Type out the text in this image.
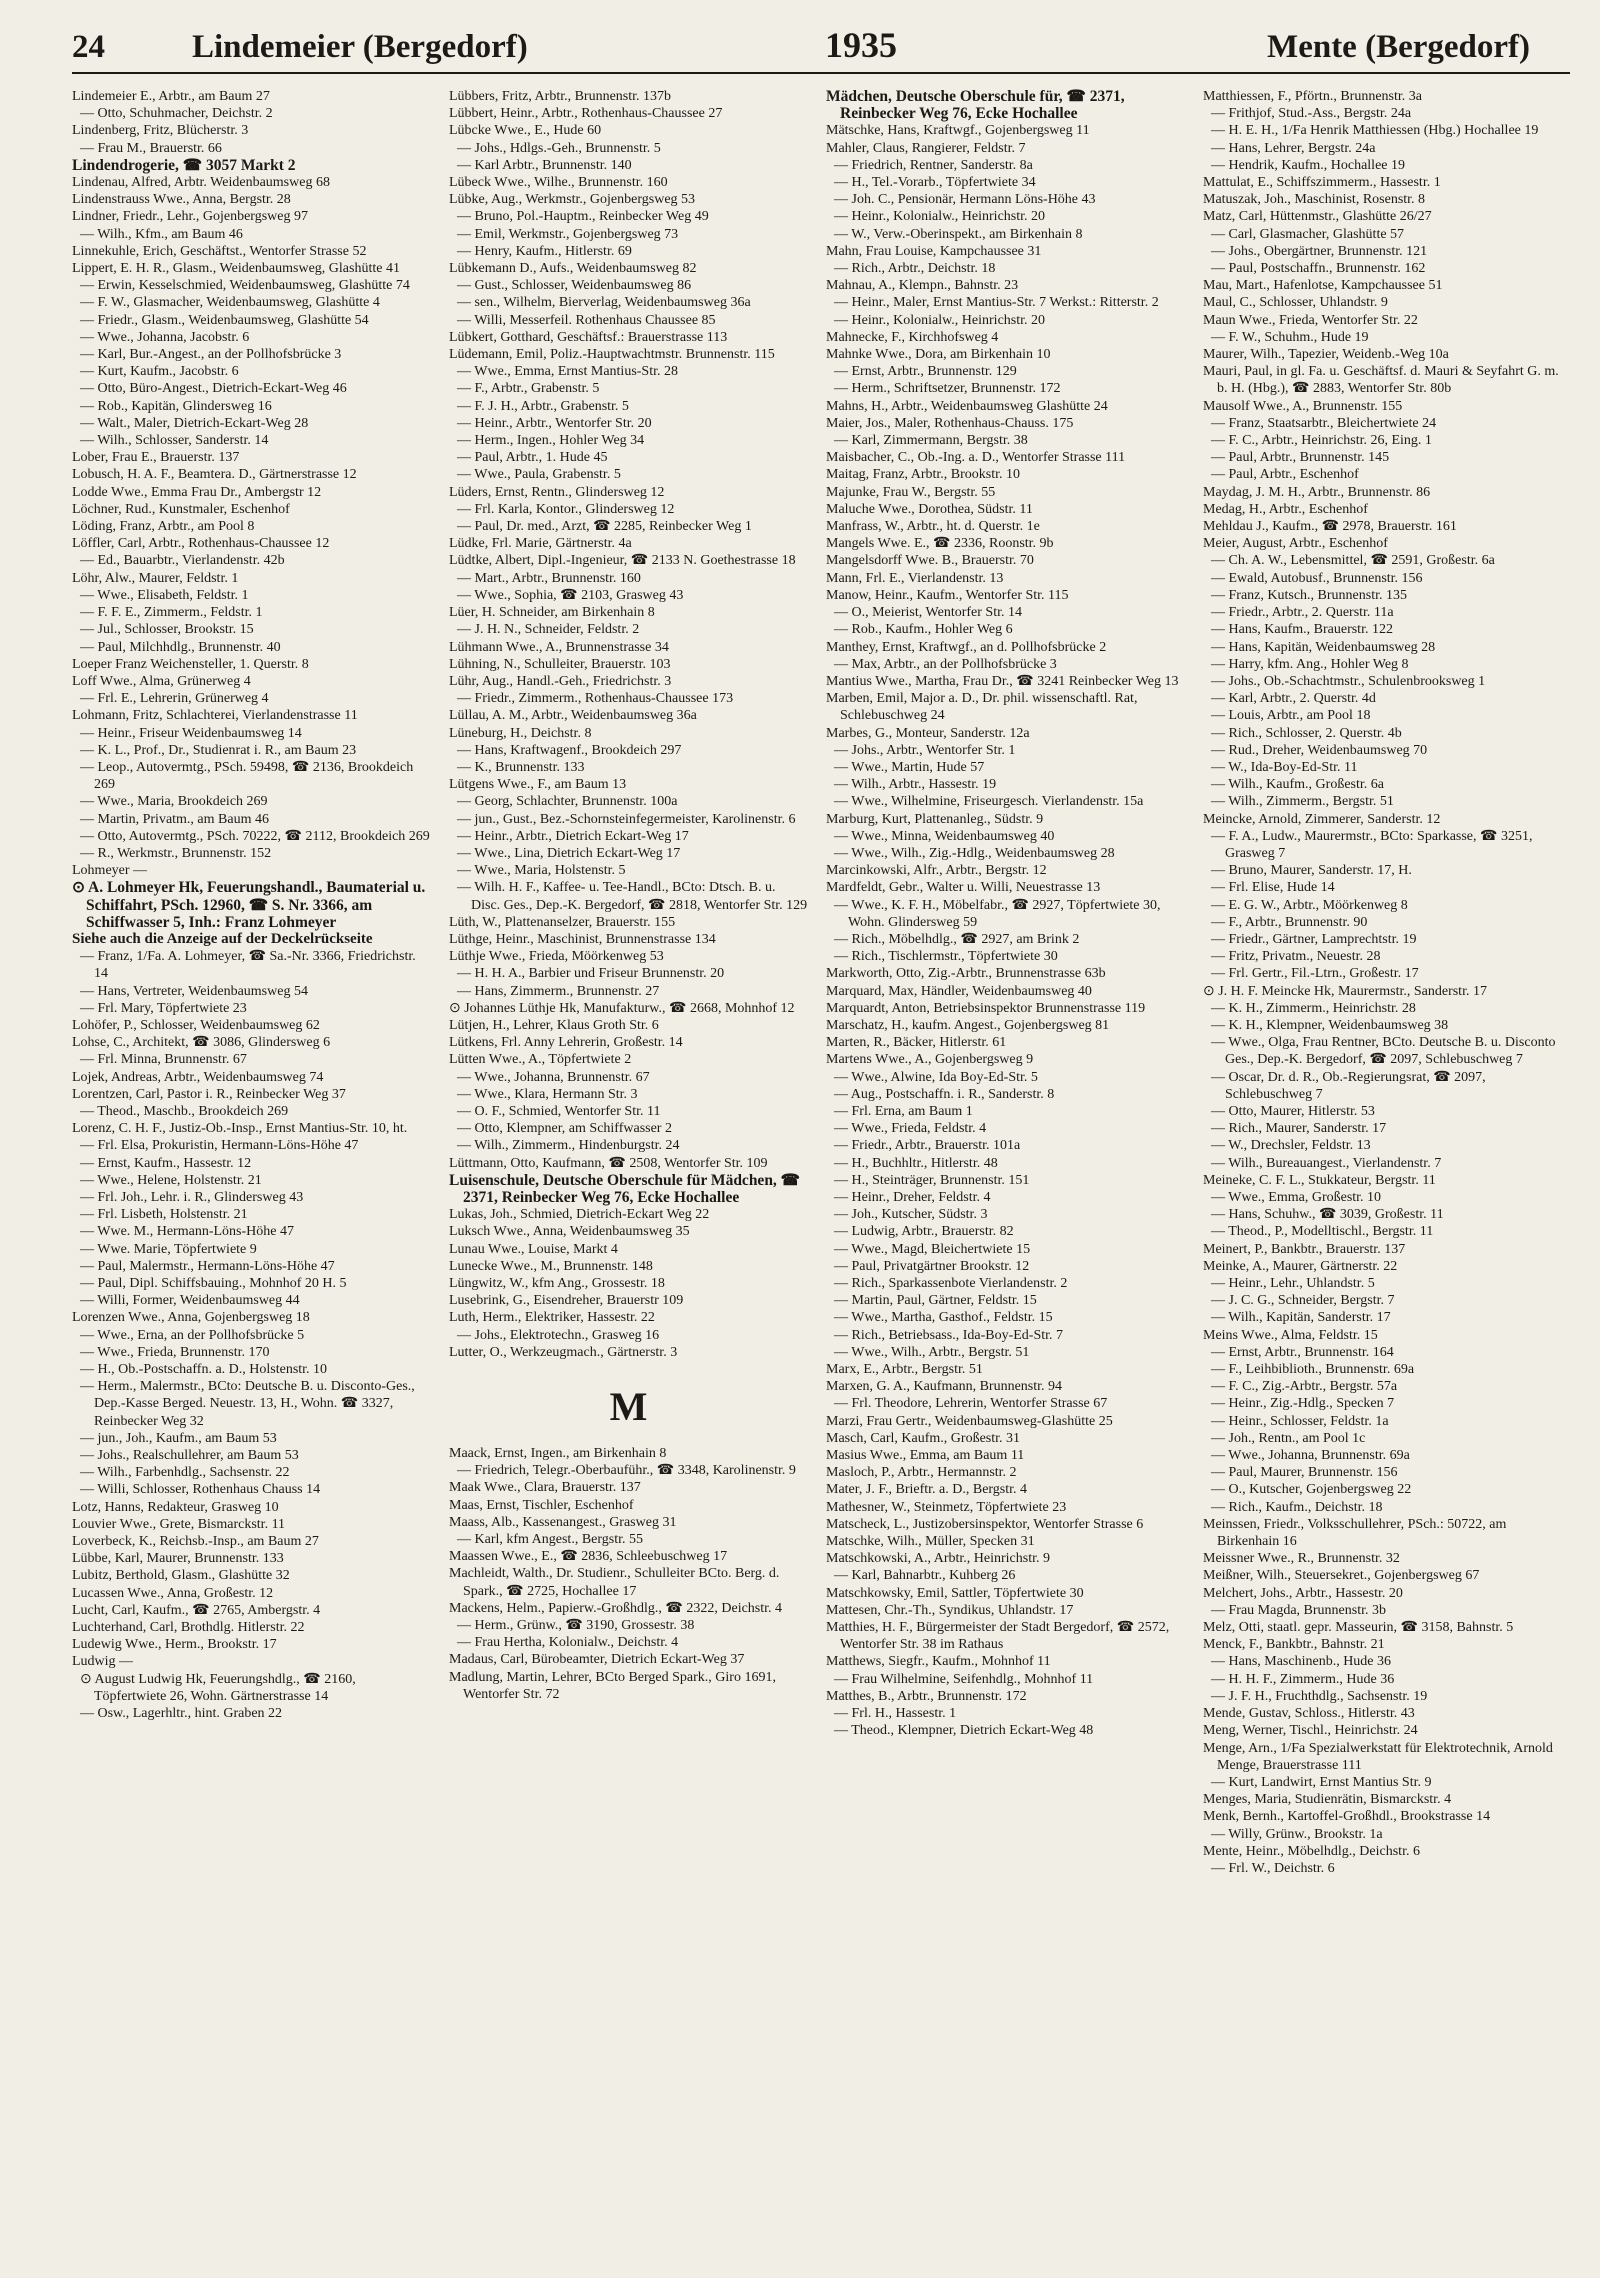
24	Lindemeier (Bergedorf)	1935	Mente (Bergedorf)
Lindemeier E., Arbtr., am Baum 27
— Otto, Schuhmacher, Deichstr. 2
Lindenberg, Fritz, Blücherstr. 3
— Frau M., Brauerstr. 66
Lindendrogerie, ☎ 3057 Markt 2
Lindenau, Alfred, Arbtr. Weidenbaumsweg 68
Lindenstrauss Wwe., Anna, Bergstr. 28
Lindner, Friedr., Lehr., Gojenbergsweg 97
— Wilh., Kfm., am Baum 46
Linnekuhle, Erich, Geschäftst., Wentorfer Strasse 52
Lippert, E. H. R., Glasm., Weidenbaumsweg, Glashütte 41
— Erwin, Kesselschmied, Weidenbaumsweg, Glashütte 74
— F. W., Glasmacher, Weidenbaumsweg, Glashütte 4
— Friedr., Glasm., Weidenbaumsweg, Glashütte 54
— Wwe., Johanna, Jacobstr. 6
— Karl, Bur.-Angest., an der Pollhofsbrücke 3
— Kurt, Kaufm., Jacobstr. 6
— Otto, Büro-Angest., Dietrich-Eckart-Weg 46
— Rob., Kapitän, Glindersweg 16
— Walt., Maler, Dietrich-Eckart-Weg 28
— Wilh., Schlosser, Sanderstr. 14
Lober, Frau E., Brauerstr. 137
Lobusch, H. A. F., Beamtera. D., Gärtnerstrasse 12
Lodde Wwe., Emma Frau Dr., Ambergstr 12
Löchner, Rud., Kunstmaler, Eschenhof
Löding, Franz, Arbtr., am Pool 8
Löffler, Carl, Arbtr., Rothenhaus-Chaussee 12
— Ed., Bauarbtr., Vierlandenstr. 42b
Löhr, Alw., Maurer, Feldstr. 1
— Wwe., Elisabeth, Feldstr. 1
— F. F. E., Zimmerm., Feldstr. 1
— Jul., Schlosser, Brookstr. 15
— Paul, Milchhdlg., Brunnenstr. 40
Loeper Franz Weichensteller, 1. Querstr. 8
Loff Wwe., Alma, Grünerweg 4
— Frl. E., Lehrerin, Grünerweg 4
Lohmann, Fritz, Schlachterei, Vierlandenstrasse 11
— Heinr., Friseur Weidenbaumsweg 14
— K. L., Prof., Dr., Studienrat i. R., am Baum 23
— Leop., Autovermtg., PSch. 59498, ☎ 2136, Brookdeich 269
— Wwe., Maria, Brookdeich 269
— Martin, Privatm., am Baum 46
— Otto, Autovermtg., PSch. 70222, ☎ 2112, Brookdeich 269
— R., Werkmstr., Brunnenstr. 152
Lohmeyer —
⊙ A. Lohmeyer Hk, Feuerungshandl., Baumaterial u. Schiffahrt, PSch. 12960, ☎ S. Nr. 3366, am Schiffwasser 5, Inh.: Franz Lohmeyer
Siehe auch die Anzeige auf der Deckelrückseite
— Franz, 1/Fa. A. Lohmeyer, ☎ Sa.-Nr. 3366, Friedrichstr. 14
— Hans, Vertreter, Weidenbaumsweg 54
— Frl. Mary, Töpfertwiete 23
Lohöfer, P., Schlosser, Weidenbaumsweg 62
Lohse, C., Architekt, ☎ 3086, Glindersweg 6
— Frl. Minna, Brunnenstr. 67
Lojek, Andreas, Arbtr., Weidenbaumsweg 74
Lorentzen, Carl, Pastor i. R., Reinbecker Weg 37
— Theod., Maschb., Brookdeich 269
Lorenz, C. H. F., Justiz-Ob.-Insp., Ernst Mantius-Str. 10, ht.
— Frl. Elsa, Prokuristin, Hermann-Löns-Höhe 47
— Ernst, Kaufm., Hassestr. 12
— Wwe., Helene, Holstenstr. 21
— Frl. Joh., Lehr. i. R., Glindersweg 43
— Frl. Lisbeth, Holstenstr. 21
— Wwe. M., Hermann-Löns-Höhe 47
— Wwe. Marie, Töpfertwiete 9
— Paul, Malermstr., Hermann-Löns-Höhe 47
— Paul, Dipl. Schiffsbauing., Mohnhof 20 H. 5
— Willi, Former, Weidenbaumsweg 44
Lorenzen Wwe., Anna, Gojenbergsweg 18
— Wwe., Erna, an der Pollhofsbrücke 5
— Wwe., Frieda, Brunnenstr. 170
— H., Ob.-Postschaffn. a. D., Holstenstr. 10
— Herm., Malermstr., BCto: Deutsche B. u. Disconto-Ges., Dep.-Kasse Berged. Neuestr. 13, H., Wohn. ☎ 3327, Reinbecker Weg 32
— jun., Joh., Kaufm., am Baum 53
— Johs., Realschullehrer, am Baum 53
— Wilh., Farbenhdlg., Sachsenstr. 22
— Willi, Schlosser, Rothenhaus Chauss 14
Lotz, Hanns, Redakteur, Grasweg 10
Louvier Wwe., Grete, Bismarckstr. 11
Loverbeck, K., Reichsb.-Insp., am Baum 27
Lübbe, Karl, Maurer, Brunnenstr. 133
Lubitz, Berthold, Glasm., Glashütte 32
Lucassen Wwe., Anna, Großestr. 12
Lucht, Carl, Kaufm., ☎ 2765, Ambergstr. 4
Luchterhand, Carl, Brothdlg. Hitlerstr. 22
Ludewig Wwe., Herm., Brookstr. 17
Ludwig —
⊙ August Ludwig Hk, Feuerungshdlg., ☎ 2160, Töpfertwiete 26, Wohn. Gärtnerstrasse 14
— Osw., Lagerhltr., hint. Graben 22
Lübbers, Fritz, Arbtr., Brunnenstr. 137b
Lübbert, Heinr., Arbtr., Rothenhaus-Chaussee 27
Lübcke Wwe., E., Hude 60
— Johs., Hdlgs.-Geh., Brunnenstr. 5
— Karl Arbtr., Brunnenstr. 140
Lübeck Wwe., Wilhe., Brunnenstr. 160
Lübke, Aug., Werkmstr., Gojenbergsweg 53
— Bruno, Pol.-Hauptm., Reinbecker Weg 49
— Emil, Werkmstr., Gojenbergsweg 73
— Henry, Kaufm., Hitlerstr. 69
Lübkemann D., Aufs., Weidenbaumsweg 82
— Gust., Schlosser, Weidenbaumsweg 86
— sen., Wilhelm, Bierverlag, Weidenbaumsweg 36a
— Willi, Messerfeil. Rothenhaus Chaussee 85
Lübkert, Gotthard, Geschäftsf.: Brauerstrasse 113
Lüdemann, Emil, Poliz.-Hauptwachtmstr. Brunnenstr. 115
— Wwe., Emma, Ernst Mantius-Str. 28
— F., Arbtr., Grabenstr. 5
— F. J. H., Arbtr., Grabenstr. 5
— Heinr., Arbtr., Wentorfer Str. 20
— Herm., Ingen., Hohler Weg 34
— Paul, Arbtr., 1. Hude 45
— Wwe., Paula, Grabenstr. 5
Lüders, Ernst, Rentn., Glindersweg 12
— Frl. Karla, Kontor., Glindersweg 12
— Paul, Dr. med., Arzt, ☎ 2285, Reinbecker Weg 1
Lüdke, Frl. Marie, Gärtnerstr. 4a
Lüdtke, Albert, Dipl.-Ingenieur, ☎ 2133 N. Goethestrasse 18
— Mart., Arbtr., Brunnenstr. 160
— Wwe., Sophia, ☎ 2103, Grasweg 43
Lüer, H. Schneider, am Birkenhain 8
— J. H. N., Schneider, Feldstr. 2
Lühmann Wwe., A., Brunnenstrasse 34
Lühning, N., Schulleiter, Brauerstr. 103
Lühr, Aug., Handl.-Geh., Friedrichstr. 3
— Friedr., Zimmerm., Rothenhaus-Chaussee 173
Lüllau, A. M., Arbtr., Weidenbaumsweg 36a
Lüneburg, H., Deichstr. 8
— Hans, Kraftwagenf., Brookdeich 297
— K., Brunnenstr. 133
Lütgens Wwe., F., am Baum 13
— Georg, Schlachter, Brunnenstr. 100a
— jun., Gust., Bez.-Schornsteinfegermeister, Karolinenstr. 6
— Heinr., Arbtr., Dietrich Eckart-Weg 17
— Wwe., Lina, Dietrich Eckart-Weg 17
— Wwe., Maria, Holstenstr. 5
— Wilh. H. F., Kaffee- u. Tee-Handl., BCto: Dtsch. B. u. Disc. Ges., Dep.-K. Bergedorf, ☎ 2818, Wentorfer Str. 129
Lüth, W., Plattenanselzer, Brauerstr. 155
Lüthge, Heinr., Maschinist, Brunnenstrasse 134
Lüthje Wwe., Frieda, Möörkenweg 53
— H. H. A., Barbier und Friseur Brunnenstr. 20
— Hans, Zimmerm., Brunnenstr. 27
⊙ Johannes Lüthje Hk, Manufakturw., ☎ 2668, Mohnhof 12
Lütjen, H., Lehrer, Klaus Groth Str. 6
Lütkens, Frl. Anny Lehrerin, Großestr. 14
Lütten Wwe., A., Töpfertwiete 2
— Wwe., Johanna, Brunnenstr. 67
— Wwe., Klara, Hermann Str. 3
— O. F., Schmied, Wentorfer Str. 11
— Otto, Klempner, am Schiffwasser 2
— Wilh., Zimmerm., Hindenburgstr. 24
Lüttmann, Otto, Kaufmann, ☎ 2508, Wentorfer Str. 109
Luisenschule, Deutsche Oberschule für Mädchen, ☎ 2371, Reinbecker Weg 76, Ecke Hochallee
Lukas, Joh., Schmied, Dietrich-Eckart Weg 22
Luksch Wwe., Anna, Weidenbaumsweg 35
Lunau Wwe., Louise, Markt 4
Lunecke Wwe., M., Brunnenstr. 148
Lüngwitz, W., kfm Ang., Grossestr. 18
Lusebrink, G., Eisendreher, Brauerstr 109
Luth, Herm., Elektriker, Hassestr. 22
— Johs., Elektrotechn., Grasweg 16
Lutter, O., Werkzeugmach., Gärtnerstr. 3
M
Maack, Ernst, Ingen., am Birkenhain 8
— Friedrich, Telegr.-Oberbauführ., ☎ 3348, Karolinenstr. 9
Maak Wwe., Clara, Brauerstr. 137
Maas, Ernst, Tischler, Eschenhof
Maass, Alb., Kassenangest., Grasweg 31
— Karl, kfm Angest., Bergstr. 55
Maassen Wwe., E., ☎ 2836, Schleebuschweg 17
Machleidt, Walth., Dr. Studienr., Schulleiter BCto. Berg. d. Spark., ☎ 2725, Hochallee 17
Mackens, Helm., Papierw.-Großhdlg., ☎ 2322, Deichstr. 4
— Herm., Grünw., ☎ 3190, Grossestr. 38
— Frau Hertha, Kolonialw., Deichstr. 4
Madaus, Carl, Bürobeamter, Dietrich Eckart-Weg 37
Madlung, Martin, Lehrer, BCto Berged Spark., Giro 1691, Wentorfer Str. 72
Mädchen, Deutsche Oberschule für, ☎ 2371, Reinbecker Weg 76, Ecke Hochallee
Mätschke, Hans, Kraftwgf., Gojenbergsweg 11
Mahler, Claus, Rangierer, Feldstr. 7
— Friedrich, Rentner, Sanderstr. 8a
— H., Tel.-Vorarb., Töpfertwiete 34
— Joh. C., Pensionär, Hermann Löns-Höhe 43
— Heinr., Kolonialw., Heinrichstr. 20
— W., Verw.-Oberinspekt., am Birkenhain 8
Mahn, Frau Louise, Kampchaussee 31
— Rich., Arbtr., Deichstr. 18
Mahnau, A., Klempn., Bahnstr. 23
— Heinr., Maler, Ernst Mantius-Str. 7 Werkst.: Ritterstr. 2
— Heinr., Kolonialw., Heinrichstr. 20
Mahnecke, F., Kirchhofsweg 4
Mahnke Wwe., Dora, am Birkenhain 10
— Ernst, Arbtr., Brunnenstr. 129
— Herm., Schriftsetzer, Brunnenstr. 172
Mahns, H., Arbtr., Weidenbaumsweg Glashütte 24
Maier, Jos., Maler, Rothenhaus-Chauss. 175
— Karl, Zimmermann, Bergstr. 38
Maisbacher, C., Ob.-Ing. a. D., Wentorfer Strasse 111
Maitag, Franz, Arbtr., Brookstr. 10
Majunke, Frau W., Bergstr. 55
Maluche Wwe., Dorothea, Südstr. 11
Manfrass, W., Arbtr., ht. d. Querstr. 1e
Mangels Wwe. E., ☎ 2336, Roonstr. 9b
Mangelsdorff Wwe. B., Brauerstr. 70
Mann, Frl. E., Vierlandenstr. 13
Manow, Heinr., Kaufm., Wentorfer Str. 115
— O., Meierist, Wentorfer Str. 14
— Rob., Kaufm., Hohler Weg 6
Manthey, Ernst, Kraftwgf., an d. Pollhofsbrücke 2
— Max, Arbtr., an der Pollhofsbrücke 3
Mantius Wwe., Martha, Frau Dr., ☎ 3241 Reinbecker Weg 13
Marben, Emil, Major a. D., Dr. phil. wissenschaftl. Rat, Schlebuschweg 24
Marbes, G., Monteur, Sanderstr. 12a
— Johs., Arbtr., Wentorfer Str. 1
— Wwe., Martin, Hude 57
— Wilh., Arbtr., Hassestr. 19
— Wwe., Wilhelmine, Friseurgesch. Vierlandenstr. 15a
Marburg, Kurt, Plattenanleg., Südstr. 9
— Wwe., Minna, Weidenbaumsweg 40
— Wwe., Wilh., Zig.-Hdlg., Weidenbaumsweg 28
Marcinkowski, Alfr., Arbtr., Bergstr. 12
Mardfeldt, Gebr., Walter u. Willi, Neuestrasse 13
— Wwe., K. F. H., Möbelfabr., ☎ 2927, Töpfertwiete 30, Wohn. Glindersweg 59
— Rich., Möbelhdlg., ☎ 2927, am Brink 2
— Rich., Tischlermstr., Töpfertwiete 30
Markworth, Otto, Zig.-Arbtr., Brunnenstrasse 63b
Marquard, Max, Händler, Weidenbaumsweg 40
Marquardt, Anton, Betriebsinspektor Brunnenstrasse 119
Marschatz, H., kaufm. Angest., Gojenbergsweg 81
Marten, R., Bäcker, Hitlerstr. 61
Martens Wwe., A., Gojenbergsweg 9
— Wwe., Alwine, Ida Boy-Ed-Str. 5
— Aug., Postschaffn. i. R., Sanderstr. 8
— Frl. Erna, am Baum 1
— Wwe., Frieda, Feldstr. 4
— Friedr., Arbtr., Brauerstr. 101a
— H., Buchhltr., Hitlerstr. 48
— H., Steinträger, Brunnenstr. 151
— Heinr., Dreher, Feldstr. 4
— Joh., Kutscher, Südstr. 3
— Ludwig, Arbtr., Brauerstr. 82
— Wwe., Magd, Bleichertwiete 15
— Paul, Privatgärtner Brookstr. 12
— Rich., Sparkassenbote Vierlandenstr. 2
— Martin, Paul, Gärtner, Feldstr. 15
— Wwe., Martha, Gasthof., Feldstr. 15
— Rich., Betriebsass., Ida-Boy-Ed-Str. 7
— Wwe., Wilh., Arbtr., Bergstr. 51
Marx, E., Arbtr., Bergstr. 51
Marxen, G. A., Kaufmann, Brunnenstr. 94
— Frl. Theodore, Lehrerin, Wentorfer Strasse 67
Marzi, Frau Gertr., Weidenbaumsweg-Glashütte 25
Masch, Carl, Kaufm., Großestr. 31
Masius Wwe., Emma, am Baum 11
Masloch, P., Arbtr., Hermannstr. 2
Mater, J. F., Brieftr. a. D., Bergstr. 4
Mathesner, W., Steinmetz, Töpfertwiete 23
Matscheck, L., Justizobersinspektor, Wentorfer Strasse 6
Matschke, Wilh., Müller, Specken 31
Matschkowski, A., Arbtr., Heinrichstr. 9
— Karl, Bahnarbtr., Kuhberg 26
Matschkowsky, Emil, Sattler, Töpfertwiete 30
Mattesen, Chr.-Th., Syndikus, Uhlandstr. 17
Matthies, H. F., Bürgermeister der Stadt Bergedorf, ☎ 2572, Wentorfer Str. 38 im Rathaus
Matthews, Siegfr., Kaufm., Mohnhof 11
— Frau Wilhelmine, Seifenhdlg., Mohnhof 11
Matthes, B., Arbtr., Brunnenstr. 172
— Frl. H., Hassestr. 1
— Theod., Klempner, Dietrich Eckart-Weg 48
Matthiessen, F., Pförtn., Brunnenstr. 3a
— Frithjof, Stud.-Ass., Bergstr. 24a
— H. E. H., 1/Fa Henrik Matthiessen (Hbg.) Hochallee 19
— Hans, Lehrer, Bergstr. 24a
— Hendrik, Kaufm., Hochallee 19
Mattulat, E., Schiffszimmerm., Hassestr. 1
Matuszak, Joh., Maschinist, Rosenstr. 8
Matz, Carl, Hüttenmstr., Glashütte 26/27
— Carl, Glasmacher, Glashütte 57
— Johs., Obergärtner, Brunnenstr. 121
— Paul, Postschaffn., Brunnenstr. 162
Mau, Mart., Hafenlotse, Kampchaussee 51
Maul, C., Schlosser, Uhlandstr. 9
Maun Wwe., Frieda, Wentorfer Str. 22
— F. W., Schuhm., Hude 19
Maurer, Wilh., Tapezier, Weidenb.-Weg 10a
Mauri, Paul, in gl. Fa. u. Geschäftsf. d. Mauri & Seyfahrt G. m. b. H. (Hbg.), ☎ 2883, Wentorfer Str. 80b
Mausolf Wwe., A., Brunnenstr. 155
— Franz, Staatsarbtr., Bleichertwiete 24
— F. C., Arbtr., Heinrichstr. 26, Eing. 1
— Paul, Arbtr., Brunnenstr. 145
— Paul, Arbtr., Eschenhof
Maydag, J. M. H., Arbtr., Brunnenstr. 86
Medag, H., Arbtr., Eschenhof
Mehldau J., Kaufm., ☎ 2978, Brauerstr. 161
Meier, August, Arbtr., Eschenhof
— Ch. A. W., Lebensmittel, ☎ 2591, Großestr. 6a
— Ewald, Autobusf., Brunnenstr. 156
— Franz, Kutsch., Brunnenstr. 135
— Friedr., Arbtr., 2. Querstr. 11a
— Hans, Kaufm., Brauerstr. 122
— Hans, Kapitän, Weidenbaumsweg 28
— Harry, kfm. Ang., Hohler Weg 8
— Johs., Ob.-Schachtmstr., Schulenbrooksweg 1
— Karl, Arbtr., 2. Querstr. 4d
— Louis, Arbtr., am Pool 18
— Rich., Schlosser, 2. Querstr. 4b
— Rud., Dreher, Weidenbaumsweg 70
— W., Ida-Boy-Ed-Str. 11
— Wilh., Kaufm., Großestr. 6a
— Wilh., Zimmerm., Bergstr. 51
Meincke, Arnold, Zimmerer, Sanderstr. 12
— F. A., Ludw., Maurermstr., BCto: Sparkasse, ☎ 3251, Grasweg 7
— Bruno, Maurer, Sanderstr. 17, H.
— Frl. Elise, Hude 14
— E. G. W., Arbtr., Möörkenweg 8
— F., Arbtr., Brunnenstr. 90
— Friedr., Gärtner, Lamprechtstr. 19
— Fritz, Privatm., Neuestr. 28
— Frl. Gertr., Fil.-Ltrn., Großestr. 17
⊙ J. H. F. Meincke Hk, Maurermstr., Sanderstr. 17
— K. H., Zimmerm., Heinrichstr. 28
— K. H., Klempner, Weidenbaumsweg 38
— Wwe., Olga, Frau Rentner, BCto. Deutsche B. u. Disconto Ges., Dep.-K. Bergedorf, ☎ 2097, Schlebuschweg 7
— Oscar, Dr. d. R., Ob.-Regierungsrat, ☎ 2097, Schlebuschweg 7
— Otto, Maurer, Hitlerstr. 53
— Rich., Maurer, Sanderstr. 17
— W., Drechsler, Feldstr. 13
— Wilh., Bureauangest., Vierlandenstr. 7
Meineke, C. F. L., Stukkateur, Bergstr. 11
— Wwe., Emma, Großestr. 10
— Hans, Schuhw., ☎ 3039, Großestr. 11
— Theod., P., Modelltischl., Bergstr. 11
Meinert, P., Bankbtr., Brauerstr. 137
Meinke, A., Maurer, Gärtnerstr. 22
— Heinr., Lehr., Uhlandstr. 5
— J. C. G., Schneider, Bergstr. 7
— Wilh., Kapitän, Sanderstr. 17
Meins Wwe., Alma, Feldstr. 15
— Ernst, Arbtr., Brunnenstr. 164
— F., Leihbiblioth., Brunnenstr. 69a
— F. C., Zig.-Arbtr., Bergstr. 57a
— Heinr., Zig.-Hdlg., Specken 7
— Heinr., Schlosser, Feldstr. 1a
— Joh., Rentn., am Pool 1c
— Wwe., Johanna, Brunnenstr. 69a
— Paul, Maurer, Brunnenstr. 156
— O., Kutscher, Gojenbergsweg 22
— Rich., Kaufm., Deichstr. 18
Meinssen, Friedr., Volksschullehrer, PSch.: 50722, am Birkenhain 16
Meissner Wwe., R., Brunnenstr. 32
Meißner, Wilh., Steuersekret., Gojenbergsweg 67
Melchert, Johs., Arbtr., Hassestr. 20
— Frau Magda, Brunnenstr. 3b
Melz, Otti, staatl. gepr. Masseurin, ☎ 3158, Bahnstr. 5
Menck, F., Bankbtr., Bahnstr. 21
— Hans, Maschinenb., Hude 36
— H. H. F., Zimmerm., Hude 36
— J. F. H., Fruchthdlg., Sachsenstr. 19
Mende, Gustav, Schloss., Hitlerstr. 43
Meng, Werner, Tischl., Heinrichstr. 24
Menge, Arn., 1/Fa Spezialwerkstatt für Elektrotechnik, Arnold Menge, Brauerstrasse 111
— Kurt, Landwirt, Ernst Mantius Str. 9
Menges, Maria, Studienrätin, Bismarckstr. 4
Menk, Bernh., Kartoffel-Großhdl., Brookstrasse 14
— Willy, Grünw., Brookstr. 1a
Mente, Heinr., Möbelhdlg., Deichstr. 6
— Frl. W., Deichstr. 6
